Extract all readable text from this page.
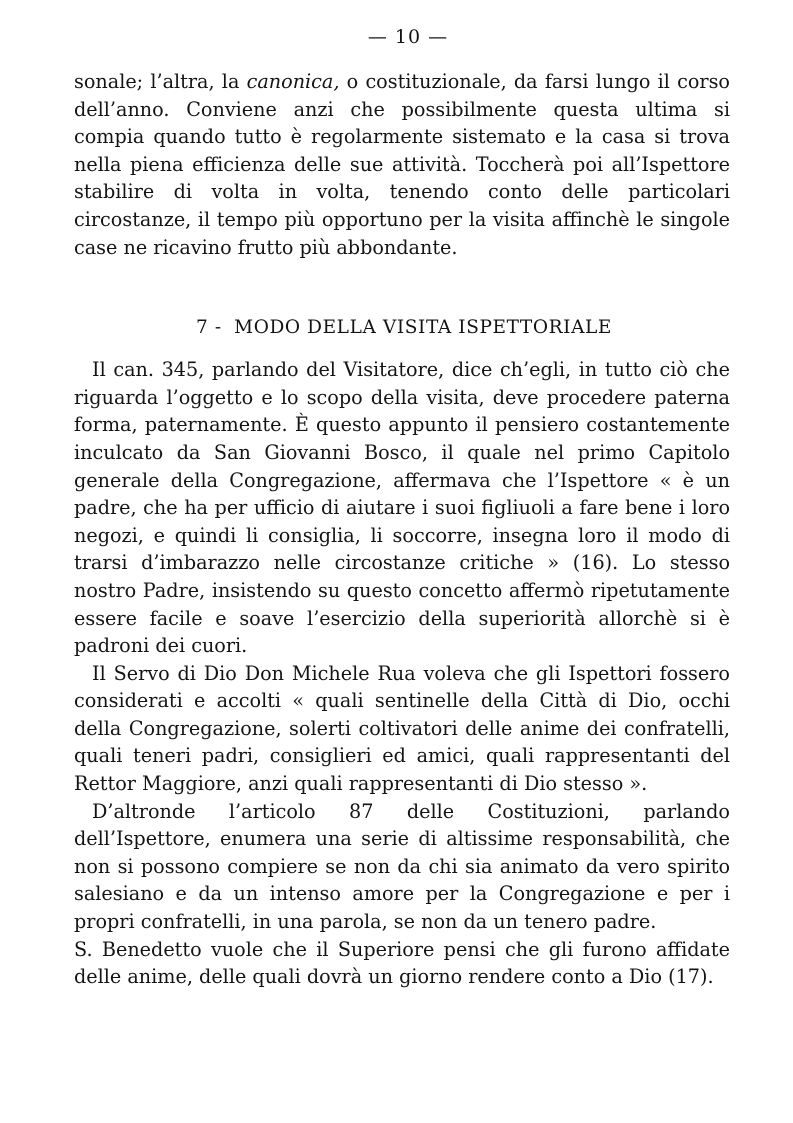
— 10 —

sonale; l’altra, la canonica, o costituzionale, da farsi lungo il corso dell’anno. Conviene anzi che possibilmente questa ultima si compia quando tutto è regolarmente sistemato e la casa si trova nella piena efficienza delle sue attività. Toccherà poi all’Ispettore stabilire di volta in volta, tenendo conto delle particolari circostanze, il tempo più opportuno per la visita affinchè le singole case ne ricavino frutto più abbondante.

7 - MODO DELLA VISITA ISPETTORIALE

Il can. 345, parlando del Visitatore, dice ch’egli, in tutto ciò che riguarda l’oggetto e lo scopo della visita, deve procedere paterna forma, paternamente. È questo appunto il pensiero costantemente inculcato da San Giovanni Bosco, il quale nel primo Capitolo generale della Congregazione, affermava che l’Ispettore « è un padre, che ha per ufficio di aiutare i suoi figliuoli a fare bene i loro negozi, e quindi li consiglia, li soccorre, insegna loro il modo di trarsi d’imbarazzo nelle circostanze critiche » (16). Lo stesso nostro Padre, insistendo su questo concetto affermò ripetutamente essere facile e soave l’esercizio della superiorità allorchè si è padroni dei cuori.

Il Servo di Dio Don Michele Rua voleva che gli Ispettori fossero considerati e accolti « quali sentinelle della Città di Dio, occhi della Congregazione, solerti coltivatori delle anime dei confratelli, quali teneri padri, consiglieri ed amici, quali rappresentanti del Rettor Maggiore, anzi quali rappresentanti di Dio stesso ».

D’altronde l’articolo 87 delle Costituzioni, parlando dell’Ispettore, enumera una serie di altissime responsabilità, che non si possono compiere se non da chi sia animato da vero spirito salesiano e da un intenso amore per la Congregazione e per i propri confratelli, in una parola, se non da un tenero padre.

S. Benedetto vuole che il Superiore pensi che gli furono affidate delle anime, delle quali dovrà un giorno rendere conto a Dio (17).
